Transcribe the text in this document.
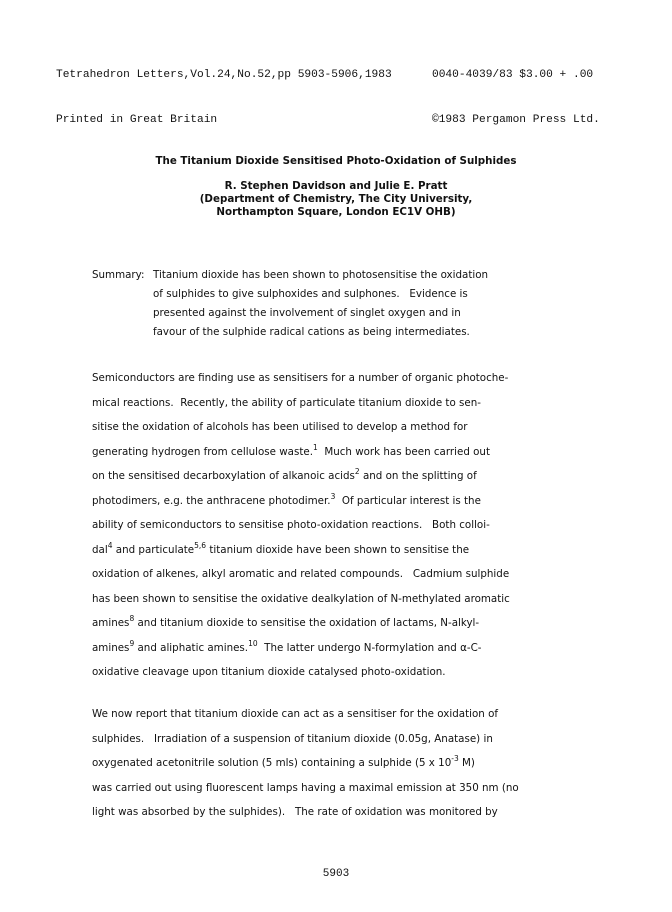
Tetrahedron Letters,Vol.24,No.52,pp 5903-5906,1983

Printed in Great Britain

0040-4039/83 $3.00 + .00

©1983 Pergamon Press Ltd.

The Titanium Dioxide Sensitised Photo-Oxidation of Sulphides
R. Stephen Davidson and Julie E. Pratt
(Department of Chemistry, The City University,
Northampton Square, London EC1V OHB)
Summary: Titanium dioxide has been shown to photosensitise the oxidation
of sulphides to give sulphoxides and sulphones.   Evidence is
presented against the involvement of singlet oxygen and in
favour of the sulphide radical cations as being intermediates.
Semiconductors are finding use as sensitisers for a number of organic photoche-
mical reactions.  Recently, the ability of particulate titanium dioxide to sen-
sitise the oxidation of alcohols has been utilised to develop a method for
generating hydrogen from cellulose waste.$^1$  Much work has been carried out
on the sensitised decarboxylation of alkanoic acids$^2$ and on the splitting of
photodimers, e.g. the anthracene photodimer.$^3$  Of particular interest is the
ability of semiconductors to sensitise photo-oxidation reactions.   Both colloi-
dal$^4$ and particulate$^{5,6}$ titanium dioxide have been shown to sensitise the
oxidation of alkenes, alkyl aromatic and related compounds.   Cadmium sulphide
has been shown to sensitise the oxidative dealkylation of N-methylated aromatic
amines$^8$ and titanium dioxide to sensitise the oxidation of lactams, N-alkyl-
amines$^9$ and aliphatic amines.$^{10}$  The latter undergo N-formylation and α-C-
oxidative cleavage upon titanium dioxide catalysed photo-oxidation.
We now report that titanium dioxide can act as a sensitiser for the oxidation of
sulphides.   Irradiation of a suspension of titanium dioxide (0.05g, Anatase) in
oxygenated acetonitrile solution (5 mls) containing a sulphide (5 x $10^{-3}$ M)
was carried out using fluorescent lamps having a maximal emission at 350 nm (no
light was absorbed by the sulphides).   The rate of oxidation was monitored by
5903
